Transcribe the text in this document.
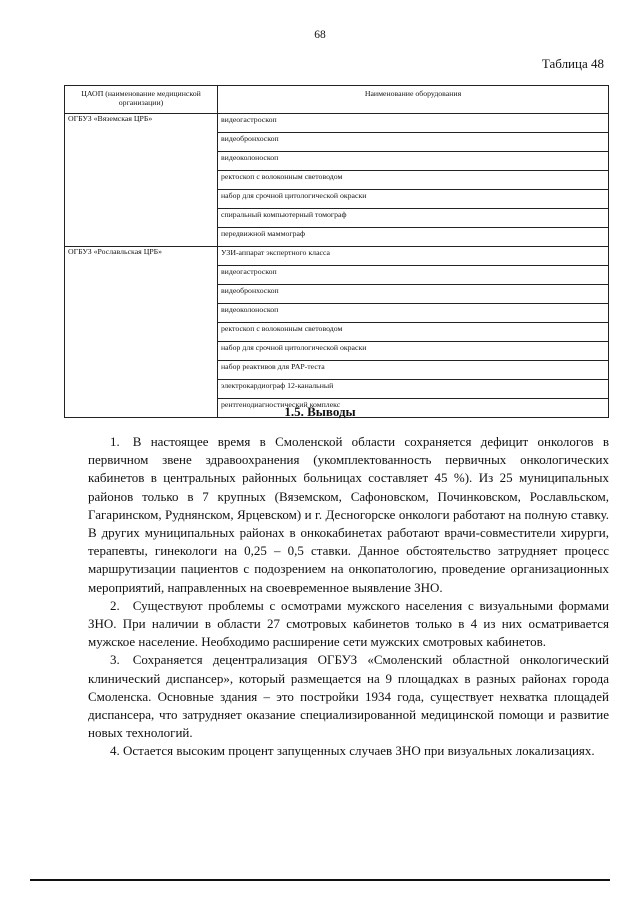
68
Таблица 48
ЦАОП (наименование медицинской организации)	Наименование оборудования
ОГБУЗ «Вяземская ЦРБ»	видеогастроскоп
	видеобронхоскоп
	видеоколоноскоп
	ректоскоп с волоконным световодом
	набор для срочной цитологической окраски
	спиральный компьютерный томограф
	передвижной маммограф
ОГБУЗ «Рославльская ЦРБ»	УЗИ-аппарат экспертного класса
	видеогастроскоп
	видеобронхоскоп
	видеоколоноскоп
	ректоскоп с волоконным световодом
	набор для срочной цитологической окраски
	набор реактивов для PAP-теста
	электрокардиограф 12-канальный
	рентгенодиагностический комплекс
1.5. Выводы

1. В настоящее время в Смоленской области сохраняется дефицит онкологов в первичном звене здравоохранения (укомплектованность первичных онкологических кабинетов в центральных районных больницах составляет 45 %). Из 25 муниципальных районов только в 7 крупных (Вяземском, Сафоновском, Починковском, Рославльском, Гагаринском, Руднянском, Ярцевском) и г. Десногорске онкологи работают на полную ставку. В других муниципальных районах в онкокабинетах работают врачи-совместители хирурги, терапевты, гинекологи на 0,25 – 0,5 ставки. Данное обстоятельство затрудняет процесс маршрутизации пациентов с подозрением на онкопатологию, проведение организационных мероприятий, направленных на своевременное выявление ЗНО.

2. Существуют проблемы с осмотрами мужского населения с визуальными формами ЗНО. При наличии в области 27 смотровых кабинетов только в 4 из них осматривается мужское население. Необходимо расширение сети мужских смотровых кабинетов.

3. Сохраняется децентрализация ОГБУЗ «Смоленский областной онкологический клинический диспансер», который размещается на 9 площадках в разных районах города Смоленска. Основные здания – это постройки 1934 года, существует нехватка площадей диспансера, что затрудняет оказание специализированной медицинской помощи и развитие новых технологий.

4. Остается высоким процент запущенных случаев ЗНО при визуальных локализациях.
